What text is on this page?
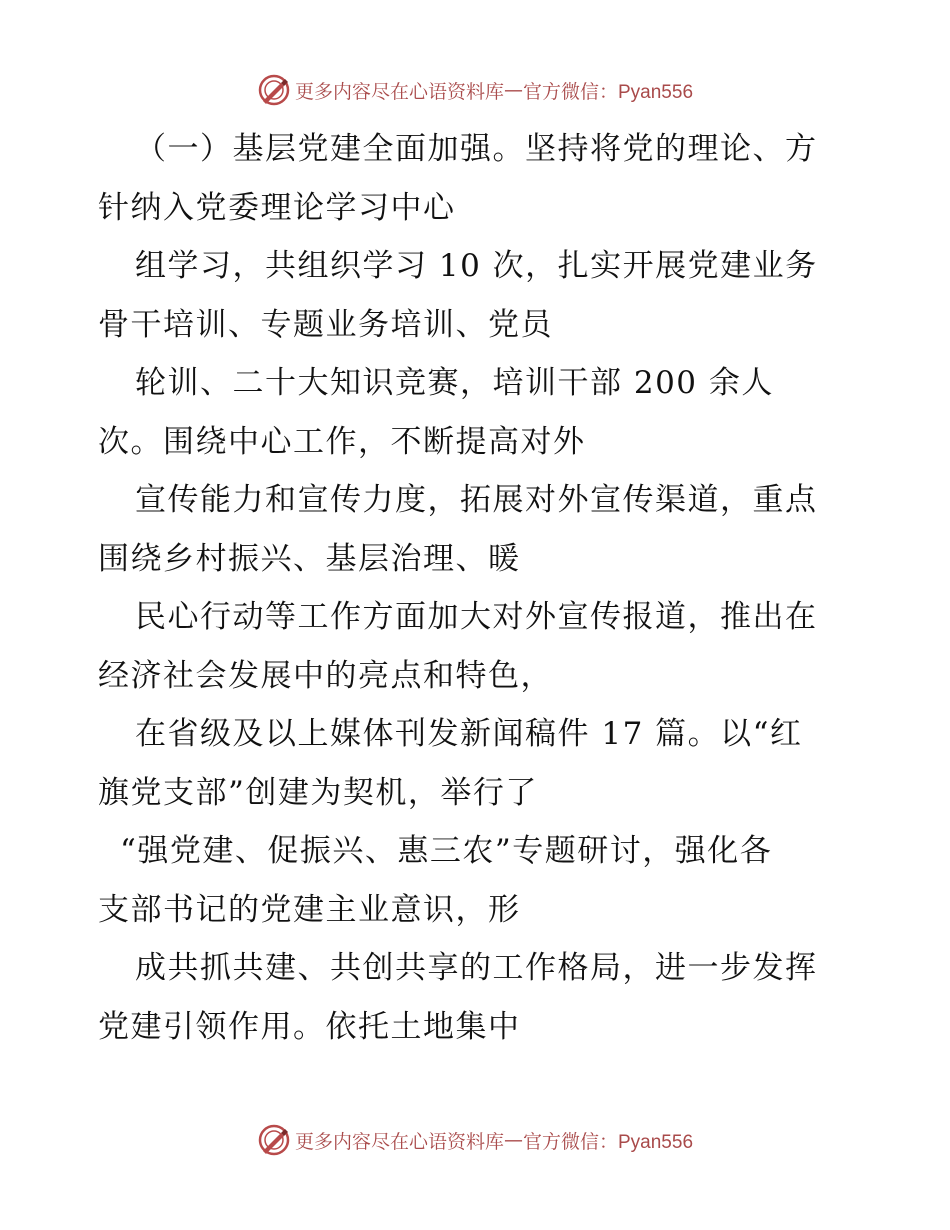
更多内容尽在心语资料库 — 官方微信：Pyan556
（一）基层党建全面加强。坚持将党的理论、方
针纳入党委理论学习中心
组学习，共组织学习 10 次，扎实开展党建业务
骨干培训、专题业务培训、党员
轮训、二十大知识竞赛，培训干部 200 余人
次。围绕中心工作，不断提高对外
宣传能力和宣传力度，拓展对外宣传渠道，重点
围绕乡村振兴、基层治理、暖
民心行动等工作方面加大对外宣传报道，推出在
经济社会发展中的亮点和特色，
在省级及以上媒体刊发新闻稿件 17 篇。以“红
旗党支部”创建为契机，举行了
“强党建、促振兴、惠三农”专题研讨，强化各
支部书记的党建主业意识，形
成共抓共建、共创共享的工作格局，进一步发挥
党建引领作用。依托土地集中
更多内容尽在心语资料库 — 官方微信：Pyan556
